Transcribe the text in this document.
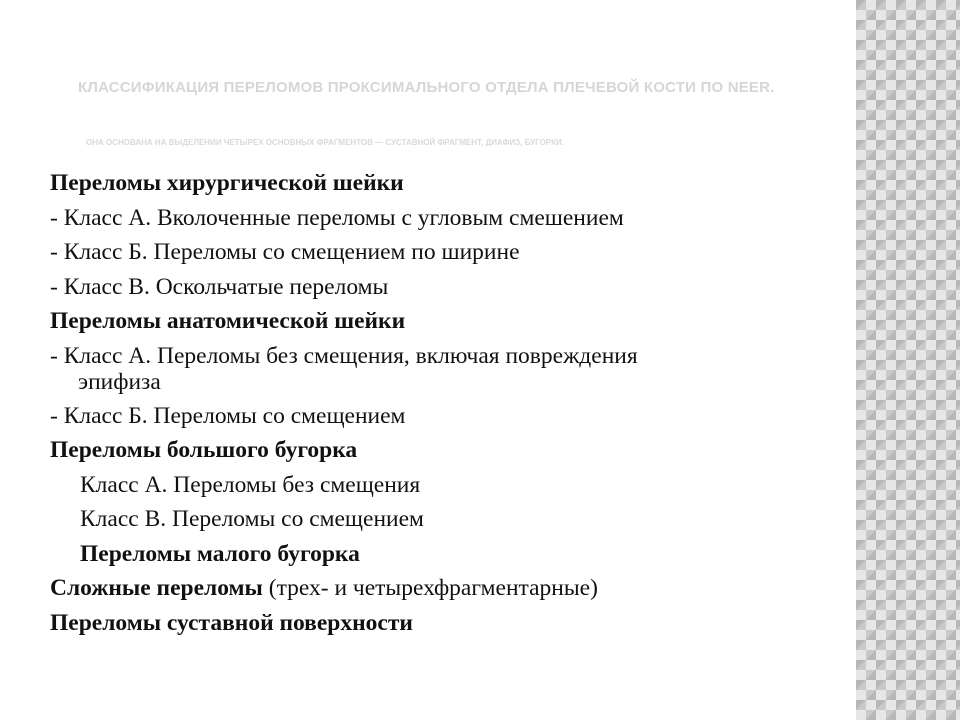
КЛАССИФИКАЦИЯ ПЕРЕЛОМОВ ПРОКСИМАЛЬНОГО ОТДЕЛА ПЛЕЧЕВОЙ КОСТИ ПО NEER.
ОНА ОСНОВАНА НА ВЫДЕЛЕНИИ ЧЕТЫРЕХ ОСНОВНЫХ ФРАГМЕНТОВ — СУСТАВНОЙ ФРАГМЕНТ, ДИАФИЗ, БУГОРКИ.

Переломы хирургической шейки

- Класс А. Вколоченные переломы с угловым смешением

- Класс Б. Переломы со смещением по ширине

- Класс В. Оскольчатые переломы

Переломы анатомической шейки

- Класс А. Переломы без смещения, включая повреждения
эпифиза

- Класс Б. Переломы со смещением

Переломы большого бугорка

Класс А. Переломы без смещения

Класс В. Переломы со смещением

Переломы малого бугорка

Сложные переломы (трех- и четырехфрагментарные)

Переломы суставной поверхности
